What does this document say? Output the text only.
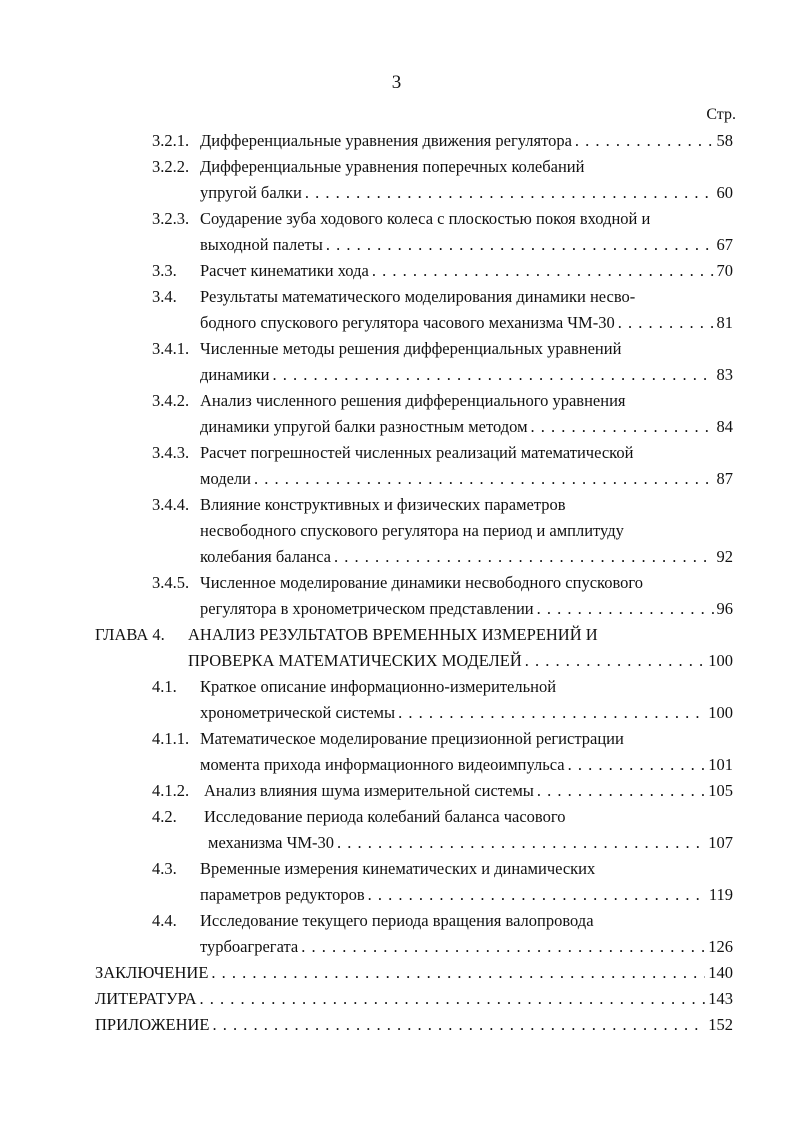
3
Стр.
3.2.1. Дифференциальные уравнения движения регулятора . . .	58
3.2.2. Дифференциальные уравнения поперечных колебаний
упругой балки . . .	60
3.2.3. Соударение зуба ходового колеса с плоскостью покоя входной и
выходной палеты . . .	67
3.3. Расчет кинематики хода . . .	70
3.4. Результаты математического моделирования динамики несво-
бодного спускового регулятора часового механизма ЧМ-30 . . .	81
3.4.1. Численные методы решения дифференциальных уравнений
динамики . . .	83
3.4.2. Анализ численного решения дифференциального уравнения
динамики упругой балки разностным методом . . .	84
3.4.3. Расчет погрешностей численных реализаций математической
модели . . .	87
3.4.4. Влияние конструктивных и физических параметров
несвободного спускового регулятора на период и амплитуду
колебания баланса . . .	92
3.4.5. Численное моделирование динамики несвободного спускового
регулятора в хронометрическом представлении . . .	96
ГЛАВА 4. АНАЛИЗ РЕЗУЛЬТАТОВ ВРЕМЕННЫХ ИЗМЕРЕНИЙ И
ПРОВЕРКА МАТЕМАТИЧЕСКИХ МОДЕЛЕЙ . . .	100
4.1. Краткое описание информационно-измерительной
хронометрической системы . . .	100
4.1.1. Математическое моделирование прецизионной регистрации
момента прихода информационного видеоимпульса . . .	101
4.1.2. Анализ влияния шума измерительной системы . . .	105
4.2. Исследование периода колебаний баланса часового
механизма ЧМ-30 . . .	107
4.3. Временные измерения кинематических и динамических
параметров редукторов . . .	119
4.4. Исследование текущего периода вращения валопровода
турбоагрегата . . .	126
ЗАКЛЮЧЕНИЕ . . .	140
ЛИТЕРАТУРА . . .	143
ПРИЛОЖЕНИЕ . . .	152
